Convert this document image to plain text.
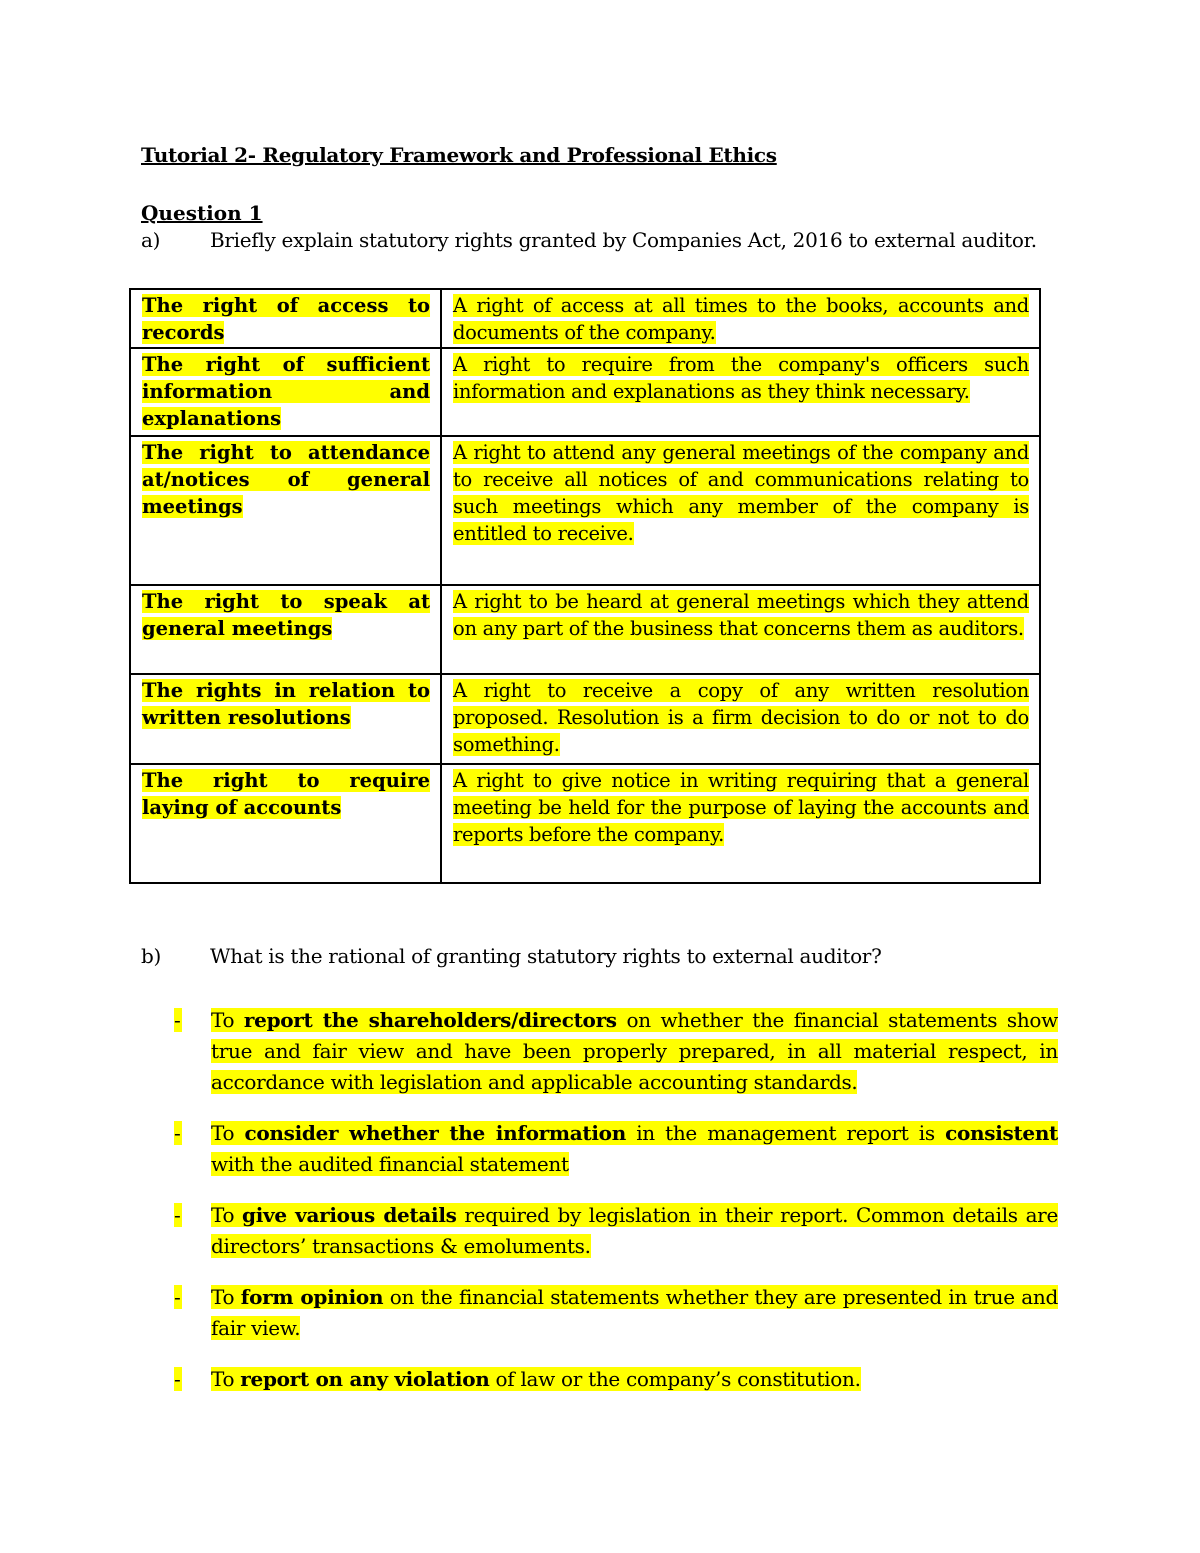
Tutorial 2- Regulatory Framework and Professional Ethics
Question 1
a) Briefly explain statutory rights granted by Companies Act, 2016 to external auditor.
The right of access to records	A right of access at all times to the books, accounts and documents of the company.
The right of sufficient information and explanations	A right to require from the company's officers such information and explanations as they think necessary.
The right to attendance at/notices of general meetings	A right to attend any general meetings of the company and to receive all notices of and communications relating to such meetings which any member of the company is entitled to receive.
The right to speak at general meetings	A right to be heard at general meetings which they attend on any part of the business that concerns them as auditors.
The rights in relation to written resolutions	A right to receive a copy of any written resolution proposed. Resolution is a firm decision to do or not to do something.
The right to require laying of accounts	A right to give notice in writing requiring that a general meeting be held for the purpose of laying the accounts and reports before the company.
b) What is the rational of granting statutory rights to external auditor?
-	To report the shareholders/directors on whether the financial statements show true and fair view and have been properly prepared, in all material respect, in accordance with legislation and applicable accounting standards.
-	To consider whether the information in the management report is consistent with the audited financial statement
-	To give various details required by legislation in their report. Common details are directors’ transactions & emoluments.
-	To form opinion on the financial statements whether they are presented in true and fair view.
-	To report on any violation of law or the company’s constitution.
